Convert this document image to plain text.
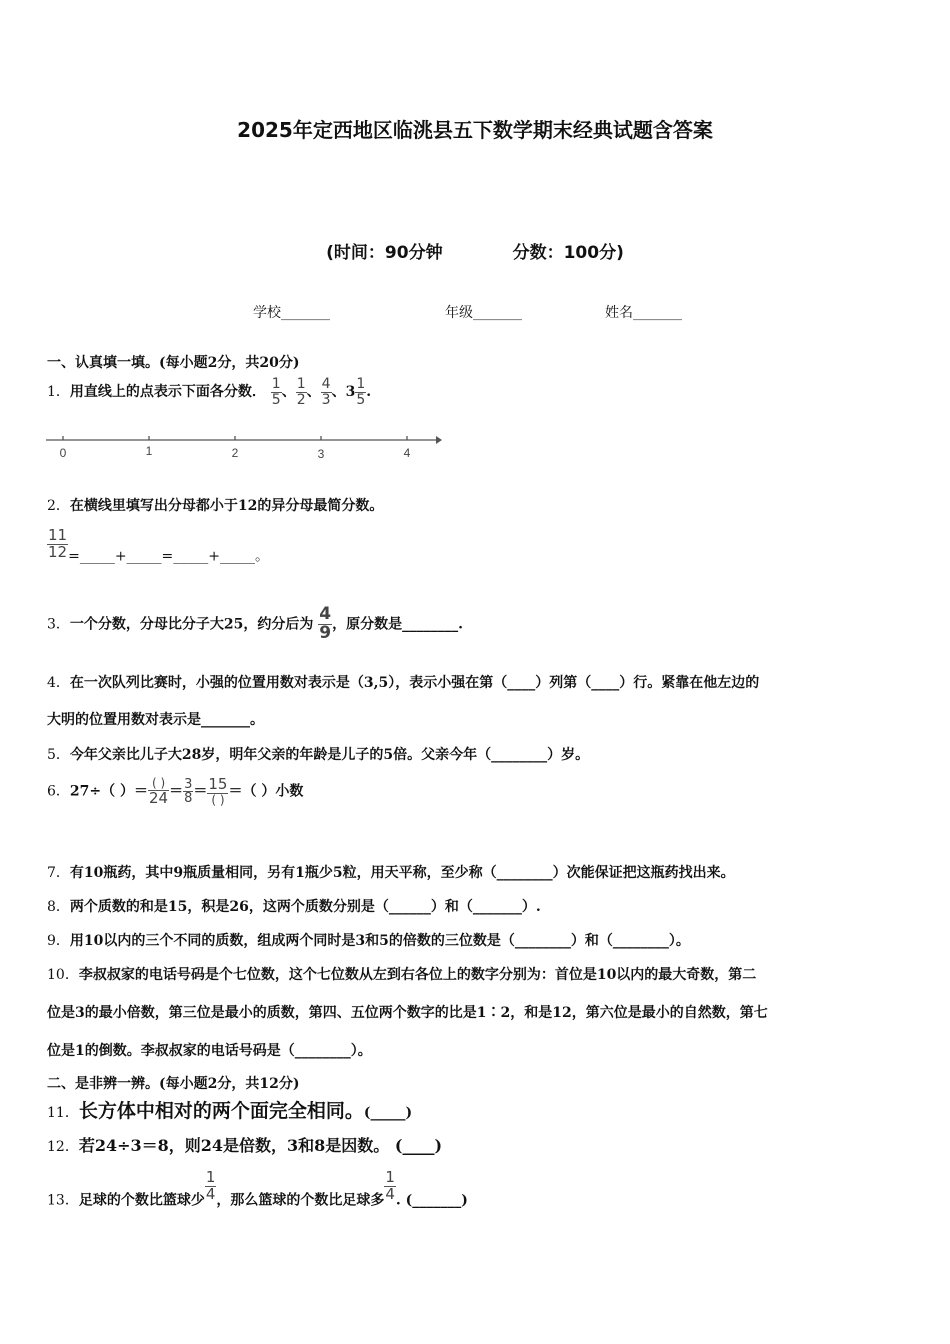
2025年定西地区临洮县五下数学期末经典试题含答案
(时间：90分钟	分数：100分)
学校_______	年级_______	姓名_______
一、认真填一填。(每小题2分，共20分)
1．用直线上的点表示下面各分数． $\frac{1}{5}$ 、 $\frac{1}{2}$ 、 $\frac{4}{3}$ 、$3 \frac{1}{5}$ .
0	1	2	3	4
2．在横线里填写出分母都小于12的异分母最简分数。
$\frac{11}{12}$ =_____+_____=_____+_____。
3．一个分数，分母比分子大25，约分后为 $\frac{4}{9}$ ，原分数是________.
4．在一次队列比赛时，小强的位置用数对表示是（3,5），表示小强在第（____）列第（____）行。紧靠在他左边的
大明的位置用数对表示是_______。
5．今年父亲比儿子大28岁，明年父亲的年龄是儿子的5倍。父亲今年（________）岁。
6．27÷（ ）＝ $\frac{( )}{24} = \frac{3}{8} = \frac{15}{( )}$ ＝（ ）小数
7．有10瓶药，其中9瓶质量相同，另有1瓶少5粒，用天平称，至少称（________）次能保证把这瓶药找出来。
8．两个质数的和是15，积是26，这两个质数分别是（______）和（_______）.
9．用10以内的三个不同的质数，组成两个同时是3和5的倍数的三位数是（________）和（________）。
10．李叔叔家的电话号码是个七位数，这个七位数从左到右各位上的数字分别为：首位是10以内的最大奇数，第二
位是3的最小倍数，第三位是最小的质数，第四、五位两个数字的比是1∶2，和是12，第六位是最小的自然数，第七
位是1的倒数。李叔叔家的电话号码是（________）。
二、是非辨一辨。(每小题2分，共12分)
11．长方体中相对的两个面完全相同。(_____)
12．若24÷3＝8，则24是倍数，3和8是因数。 (____)
13．足球的个数比篮球少 $\frac{1}{4}$ ，那么篮球的个数比足球多 $\frac{1}{4}$ . (_______)
